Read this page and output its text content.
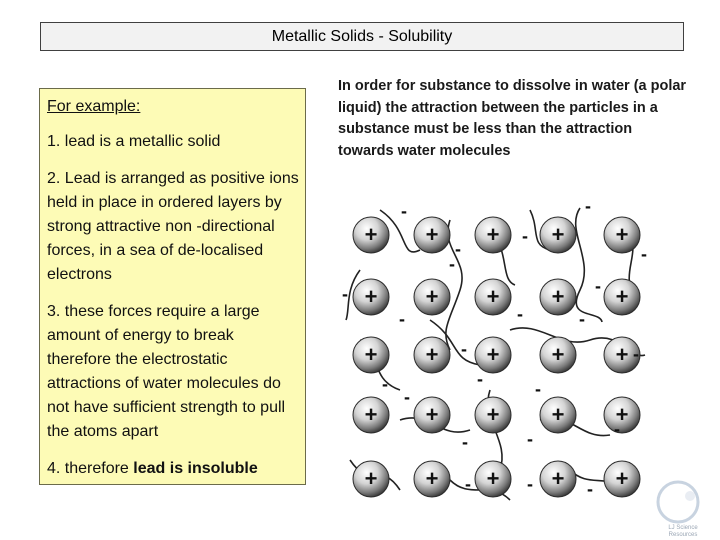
Metallic Solids - Solubility

For example:

1. lead is a metallic solid

2. Lead is arranged as positive ions held in place in ordered layers by strong attractive non -directional forces, in a sea of de-localised electrons

3. these forces require a large amount of energy to break therefore the electrostatic attractions of water molecules do not have sufficient strength to pull the atoms apart

4. therefore lead is insoluble

In order for substance to dissolve in water (a polar liquid) the attraction between the particles in a substance must be less than the attraction towards water molecules
+ + + + +
+ + + + +
+ + + + +
+ + + + +
+ + + + +
-	-
-
-
-	-
-	-
-	-	-
-	-
-	-	-
-
-	-	-
-	-	-
LJ Science
Resources
